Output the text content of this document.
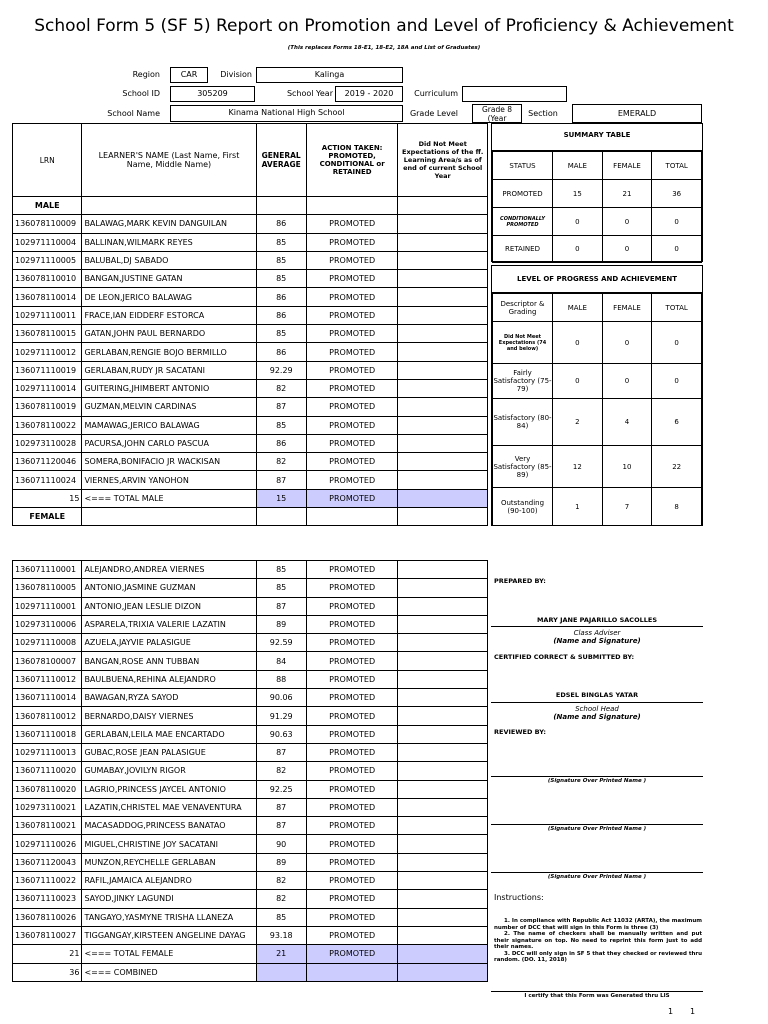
School Form 5 (SF 5) Report on Promotion and Level of Proficiency & Achievement
(This replaces Forms 18-E1, 18-E2, 18A and List of Graduates)
Region	CAR	Division	Kalinga
School ID	305209	School Year	2019 - 2020	Curriculum
School Name	Kinama National High School	Grade Level	Grade 8 (Year
Section	EMERALD
LRN	LEARNER'S NAME (Last Name, First Name, Middle Name)	GENERAL AVERAGE	ACTION TAKEN: PROMOTED, CONDITIONAL or RETAINED	Did Not Meet Expectations of the ff. Learning Area/s as of end of current School Year
MALE				
136078110009	BALAWAG,MARK KEVIN DANGUILAN	86	PROMOTED	
102971110004	BALLINAN,WILMARK REYES	85	PROMOTED	
102971110005	BALUBAL,DJ SABADO	85	PROMOTED	
136078110010	BANGAN,JUSTINE GATAN	85	PROMOTED	
136078110014	DE LEON,JERICO BALAWAG	86	PROMOTED	
102971110011	FRACE,IAN EIDDERF ESTORCA	86	PROMOTED	
136078110015	GATAN,JOHN PAUL BERNARDO	85	PROMOTED	
102971110012	GERLABAN,RENGIE BOJO BERMILLO	86	PROMOTED	
136071110019	GERLABAN,RUDY JR SACATANI	92.29	PROMOTED	
102971110014	GUITERING,JHIMBERT ANTONIO	82	PROMOTED	
136078110019	GUZMAN,MELVIN CARDINAS	87	PROMOTED	
136078110022	MAMAWAG,JERICO BALAWAG	85	PROMOTED	
102973110028	PACURSA,JOHN CARLO PASCUA	86	PROMOTED	
136071120046	SOMERA,BONIFACIO JR WACKISAN	82	PROMOTED	
136071110024	VIERNES,ARVIN YANOHON	87	PROMOTED	
15	<=== TOTAL MALE	15	PROMOTED	
FEMALE				
136071110001	ALEJANDRO,ANDREA VIERNES	85	PROMOTED	
136078110005	ANTONIO,JASMINE GUZMAN	85	PROMOTED	
102971110001	ANTONIO,JEAN LESLIE DIZON	87	PROMOTED	
102973110006	ASPARELA,TRIXIA VALERIE LAZATIN	89	PROMOTED	
102971110008	AZUELA,JAYVIE PALASIGUE	92.59	PROMOTED	
136078100007	BANGAN,ROSE ANN TUBBAN	84	PROMOTED	
136071110012	BAULBUENA,REHINA ALEJANDRO	88	PROMOTED	
136071110014	BAWAGAN,RYZA SAYOD	90.06	PROMOTED	
136078110012	BERNARDO,DAISY VIERNES	91.29	PROMOTED	
136071110018	GERLABAN,LEILA MAE ENCARTADO	90.63	PROMOTED	
102971110013	GUBAC,ROSE JEAN PALASIGUE	87	PROMOTED	
136071110020	GUMABAY,JOVILYN RIGOR	82	PROMOTED	
136078110020	LAGRIO,PRINCESS JAYCEL ANTONIO	92.25	PROMOTED	
102973110021	LAZATIN,CHRISTEL MAE VENAVENTURA	87	PROMOTED	
136078110021	MACASADDOG,PRINCESS BANATAO	87	PROMOTED	
102971110026	MIGUEL,CHRISTINE JOY SACATANI	90	PROMOTED	
136071120043	MUNZON,REYCHELLE GERLABAN	89	PROMOTED	
136071110022	RAFIL,JAMAICA ALEJANDRO	82	PROMOTED	
136071110023	SAYOD,JINKY LAGUNDI	82	PROMOTED	
136078110026	TANGAYO,YASMYNE TRISHA LLANEZA	85	PROMOTED	
136078110027	TIGGANGAY,KIRSTEEN ANGELINE DAYAG	93.18	PROMOTED	
21	<=== TOTAL FEMALE	21	PROMOTED	
36	<=== COMBINED			
SUMMARY TABLE
STATUS	MALE	FEMALE	TOTAL
PROMOTED	15	21	36
CONDITIONALLY PROMOTED	0	0	0
RETAINED	0	0	0
LEVEL OF PROGRESS AND ACHIEVEMENT
Descriptor & Grading	MALE	FEMALE	TOTAL
Did Not Meet Expectations (74 and below)	0	0	0
Fairly Satisfactory (75-79)	0	0	0
Satisfactory (80-84)	2	4	6
Very Satisfactory (85-89)	12	10	22
Outstanding (90-100)	1	7	8
PREPARED BY:
MARY JANE PAJARILLO SACOLLES
Class Adviser
(Name and Signature)
CERTIFIED CORRECT & SUBMITTED BY:
EDSEL BINGLAS YATAR
School Head
(Name and Signature)
REVIEWED BY:
(Signature Over Printed Name )
(Signature Over Printed Name )
(Signature Over Printed Name )
Instructions:
1. In compliance with Republic Act 11032 (ARTA), the maximum number of DCC that will sign in this Form is three (3)
2. The name of checkers shall be manually written and put their signature on top. No need to reprint this form just to add their names.
3. DCC will only sign in SF 5 that they checked or reviewed thru random. (DO. 11, 2018)
I certify that this Form was Generated thru LIS
1 1
